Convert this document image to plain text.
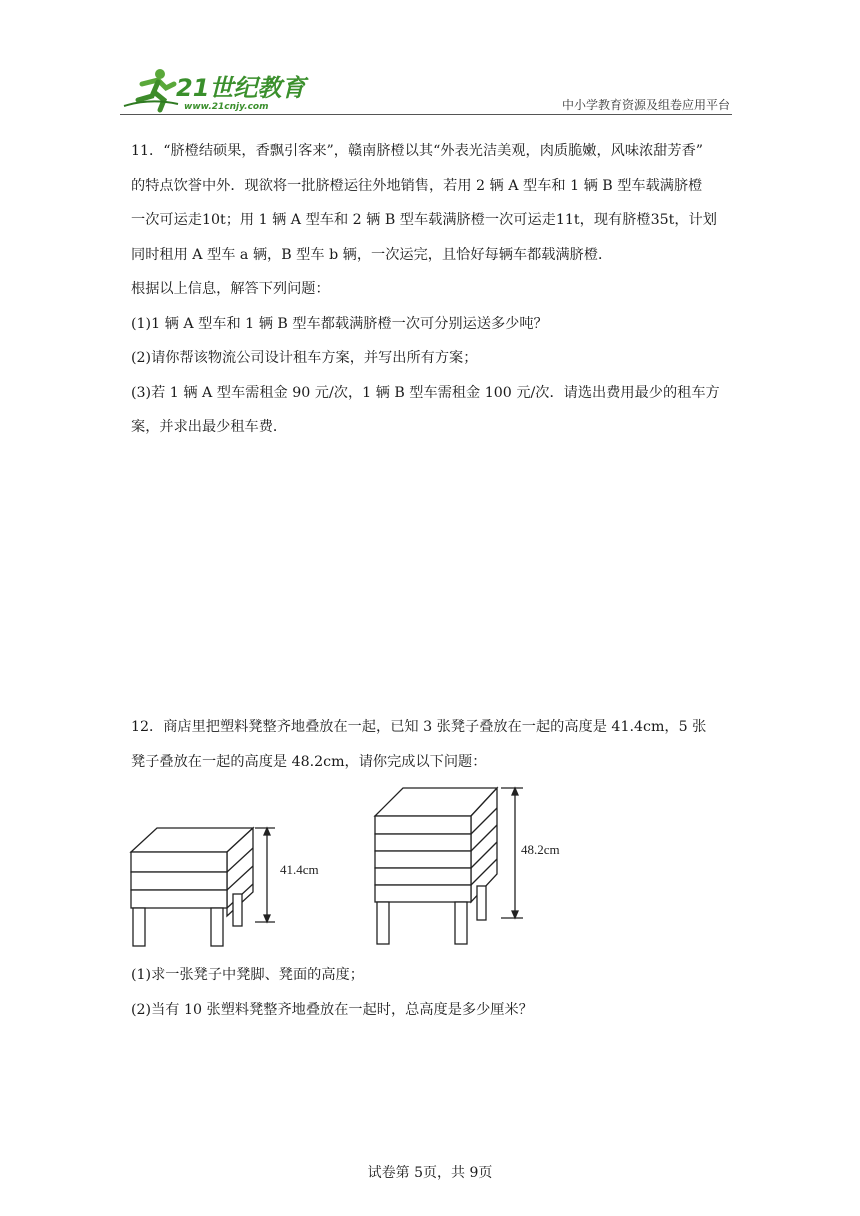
21世纪教育
www.21cnjy.com	中小学教育资源及组卷应用平台

11．“脐橙结硕果，香飘引客来”，赣南脐橙以其“外表光洁美观，肉质脆嫩，风味浓甜芳香”

的特点饮誉中外．现欲将一批脐橙运往外地销售，若用 2 辆 A 型车和 1 辆 B 型车载满脐橙

一次可运走10t；用 1 辆 A 型车和 2 辆 B 型车载满脐橙一次可运走11t，现有脐橙35t，计划

同时租用 A 型车 a 辆，B 型车 b 辆，一次运完，且恰好每辆车都载满脐橙．

根据以上信息，解答下列问题：

(1)1 辆 A 型车和 1 辆 B 型车都载满脐橙一次可分别运送多少吨？

(2)请你帮该物流公司设计租车方案，并写出所有方案；

(3)若 1 辆 A 型车需租金 90 元/次，1 辆 B 型车需租金 100 元/次．请选出费用最少的租车方

案，并求出最少租车费．

12．商店里把塑料凳整齐地叠放在一起，已知 3 张凳子叠放在一起的高度是 41.4cm，5 张

凳子叠放在一起的高度是 48.2cm，请你完成以下问题：

41.4cm
48.2cm

(1)求一张凳子中凳脚、凳面的高度；

(2)当有 10 张塑料凳整齐地叠放在一起时，总高度是多少厘米？

试卷第 5页，共 9页
